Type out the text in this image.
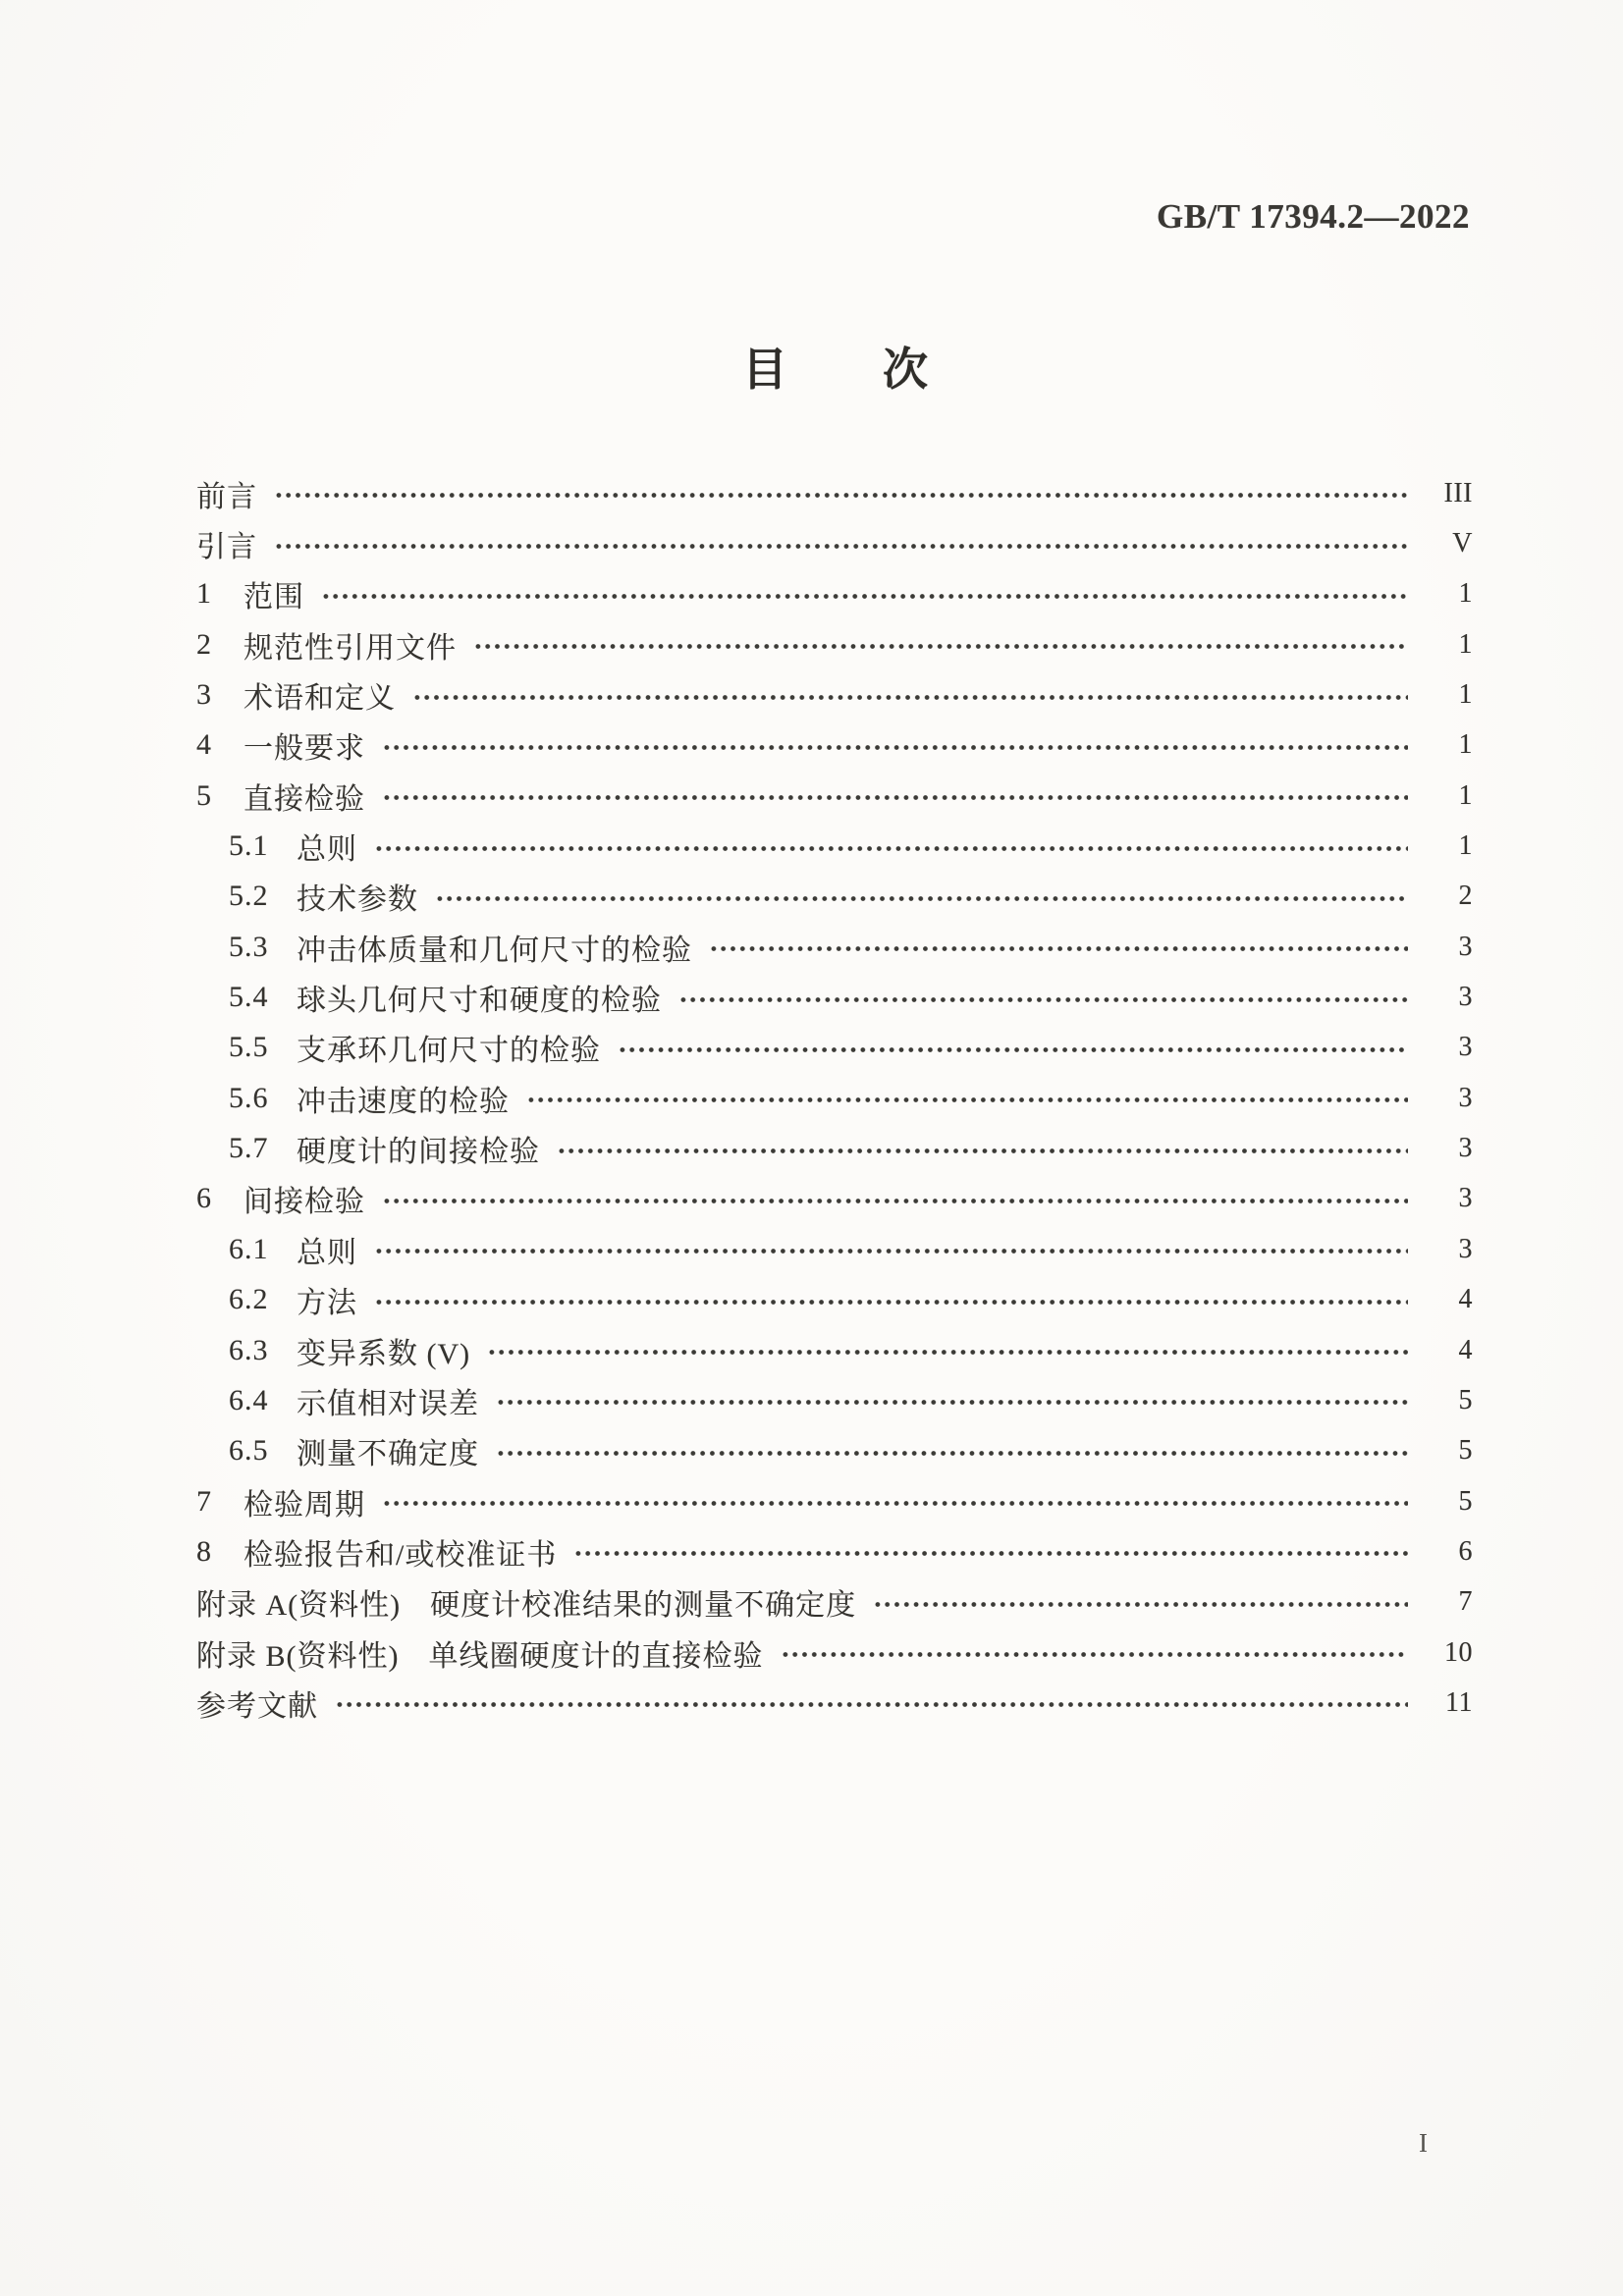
GB/T 17394.2—2022
目 次
前言	III
引言	V
1	范围	1
2	规范性引用文件	1
3	术语和定义	1
4	一般要求	1
5	直接检验	1
5.1 总则	1
5.2 技术参数	2
5.3 冲击体质量和几何尺寸的检验	3
5.4 球头几何尺寸和硬度的检验	3
5.5 支承环几何尺寸的检验	3
5.6 冲击速度的检验	3
5.7 硬度计的间接检验	3
6	间接检验	3
6.1 总则	3
6.2 方法	4
6.3 变异系数 (V)	4
6.4 示值相对误差	5
6.5 测量不确定度	5
7	检验周期	5
8	检验报告和/或校准证书	6
附录 A(资料性) 硬度计校准结果的测量不确定度	7
附录 B(资料性) 单线圈硬度计的直接检验	10
参考文献	11
I
